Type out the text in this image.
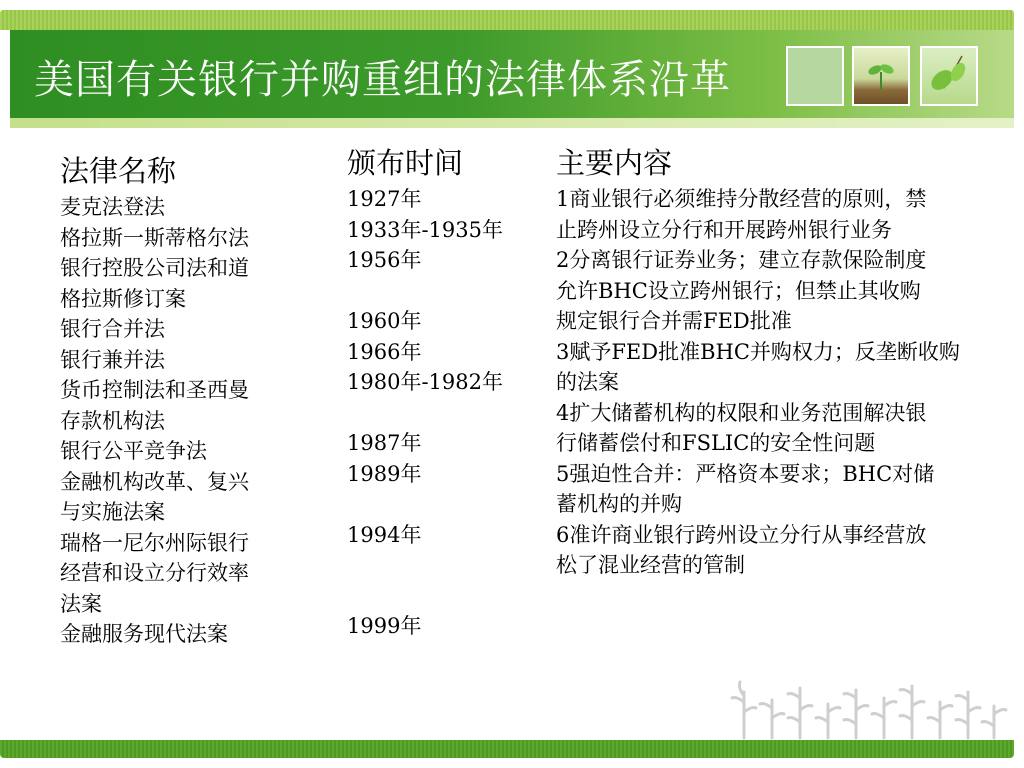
美国有关银行并购重组的法律体系沿革
法律名称
麦克法登法
格拉斯一斯蒂格尔法
银行控股公司法和道
格拉斯修订案
银行合并法
银行兼并法
货币控制法和圣西曼
存款机构法
银行公平竞争法
金融机构改革、复兴
与实施法案
瑞格一尼尔州际银行
经营和设立分行效率
法案
金融服务现代法案
颁布时间
1927年
1933年-1935年
1956年
1960年
1966年
1980年-1982年
1987年
1989年
1994年
1999年
主要内容
1商业银行必须维持分散经营的原则，禁
止跨州设立分行和开展跨州银行业务
2分离银行证券业务；建立存款保险制度
允许BHC设立跨州银行；但禁止其收购
规定银行合并需FED批准
3赋予FED批准BHC并购权力；反垄断收购
的法案
4扩大储蓄机构的权限和业务范围解决银
行储蓄偿付和FSLIC的安全性问题
5强迫性合并：严格资本要求；BHC对储
蓄机构的并购
6准许商业银行跨州设立分行从事经营放
松了混业经营的管制
